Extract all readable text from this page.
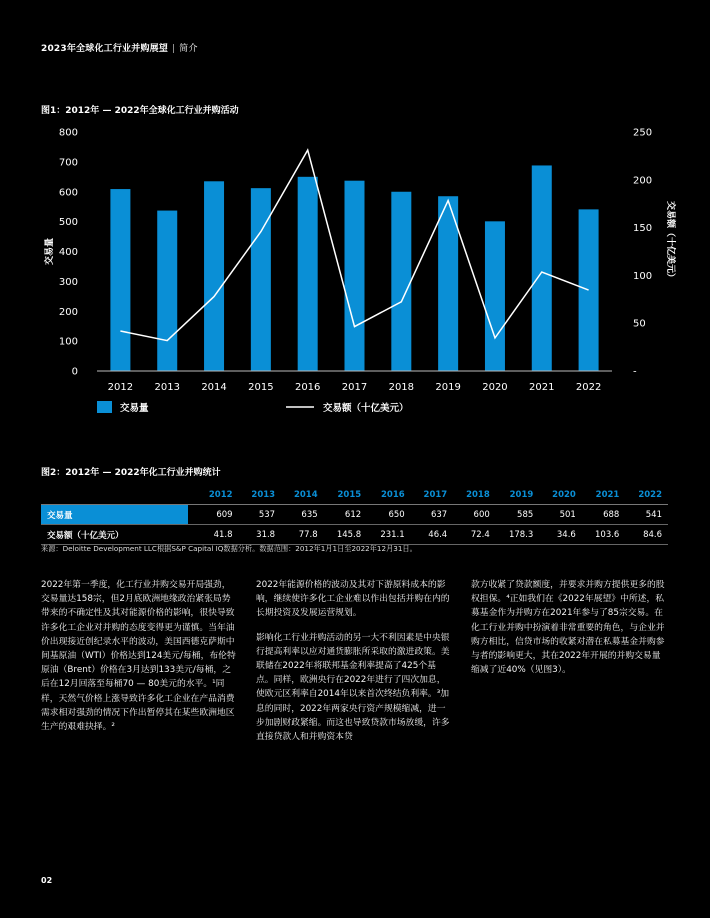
2023年全球化工行业并购展望 | 简介
图1：2012年 — 2022年全球化工行业并购活动
0
100
200
300
400
500
600
700
800
-
50
100
150
200
250
交易量	交易额（十亿美元）
2012 2013 2014 2015 2016 2017 2018 2019 2020 2021 2022
交易量	交易额（十亿美元）
图2：2012年 — 2022年化工行业并购统计
		2012	2013	2014	2015	2016	2017	2018	2019	2020	2021	2022
交易量		609	537	635	612	650	637	600	585	501	688	541
交易额（十亿美元）		41.8	31.8	77.8	145.8	231.1	46.4	72.4	178.3	34.6	103.6	84.6
来源：Deloitte Development LLC根据S&P Capital IQ数据分析。数据范围：2012年1月1日至2022年12月31日。

2022年第一季度，化工行业并购交易开局强劲，交易量达158宗，但2月底欧洲地缘政治紧张局势带来的不确定性及其对能源价格的影响，很快导致许多化工企业对并购的态度变得更为谨慎。当年油价出现接近创纪录水平的波动，美国西德克萨斯中间基原油（WTI）价格达到124美元/每桶，布伦特原油（Brent）价格在3月达到133美元/每桶，之后在12月回落至每桶70 — 80美元的水平。¹同样，天然气价格上涨导致许多化工企业在产品消费需求相对强劲的情况下作出暂停其在某些欧洲地区生产的艰难抉择。²

2022年能源价格的波动及其对下游原料成本的影响，继续使许多化工企业难以作出包括并购在内的长期投资及发展运营规划。

影响化工行业并购活动的另一大不利因素是中央银行提高利率以应对通货膨胀所采取的激进政策。美联储在2022年将联邦基金利率提高了425个基点。同样，欧洲央行在2022年进行了四次加息，使欧元区利率自2014年以来首次终结负利率。³加息的同时，2022年两家央行资产规模缩减，进一步加剧财政紧缩。而这也导致贷款市场放缓，许多直接贷款人和并购资本贷

款方收紧了贷款额度，并要求并购方提供更多的股权担保。⁴正如我们在《2022年展望》中所述，私募基金作为并购方在2021年参与了85宗交易。在化工行业并购中扮演着非常重要的角色，与企业并购方相比，信贷市场的收紧对潜在私募基金并购参与者的影响更大，其在2022年开展的并购交易量缩减了近40%（见图3）。

02
